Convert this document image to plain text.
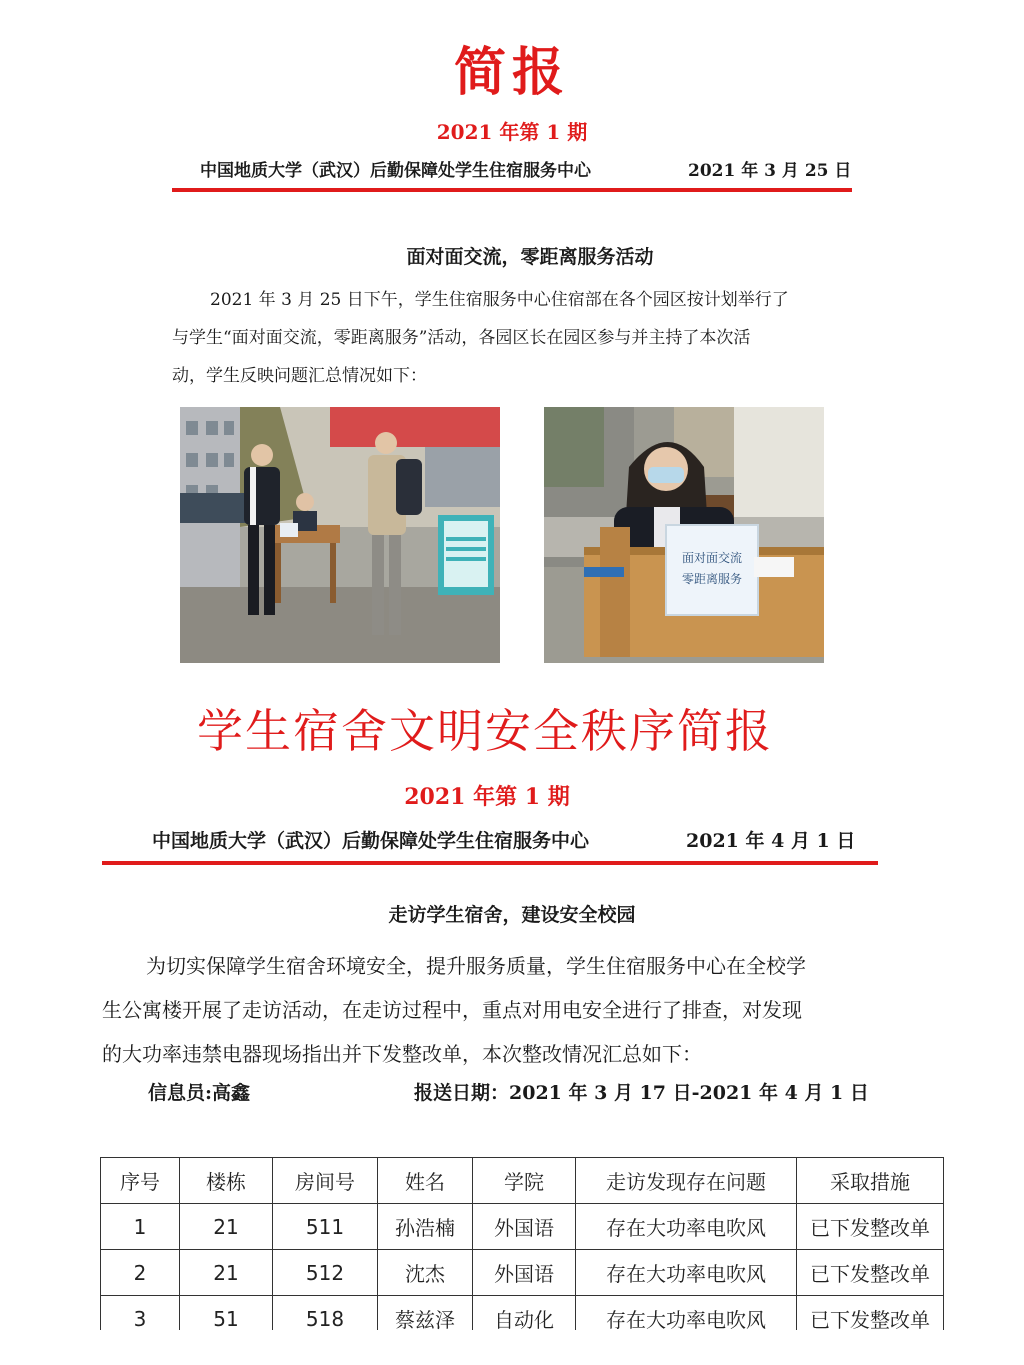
简报
2021 年第 1 期
中国地质大学（武汉）后勤保障处学生住宿服务中心	2021 年 3 月 25 日
面对面交流，零距离服务活动
2021 年 3 月 25 日下午，学生住宿服务中心住宿部在各个园区按计划举行了
与学生“面对面交流，零距离服务”活动，各园区长在园区参与并主持了本次活
动，学生反映问题汇总情况如下：
面对面交流
零距离服务
学生宿舍文明安全秩序简报
2021 年第 1 期
中国地质大学（武汉）后勤保障处学生住宿服务中心	2021 年 4 月 1 日
走访学生宿舍，建设安全校园
为切实保障学生宿舍环境安全，提升服务质量，学生住宿服务中心在全校学
生公寓楼开展了走访活动，在走访过程中，重点对用电安全进行了排查，对发现
的大功率违禁电器现场指出并下发整改单，本次整改情况汇总如下：
信息员:高鑫	报送日期：2021 年 3 月 17 日-2021 年 4 月 1 日
序号	楼栋	房间号	姓名	学院	走访发现存在问题	采取措施
1	21	511	孙浩楠	外国语	存在大功率电吹风	已下发整改单
2	21	512	沈杰	外国语	存在大功率电吹风	已下发整改单
3	51	518	蔡兹泽	自动化	存在大功率电吹风	已下发整改单
